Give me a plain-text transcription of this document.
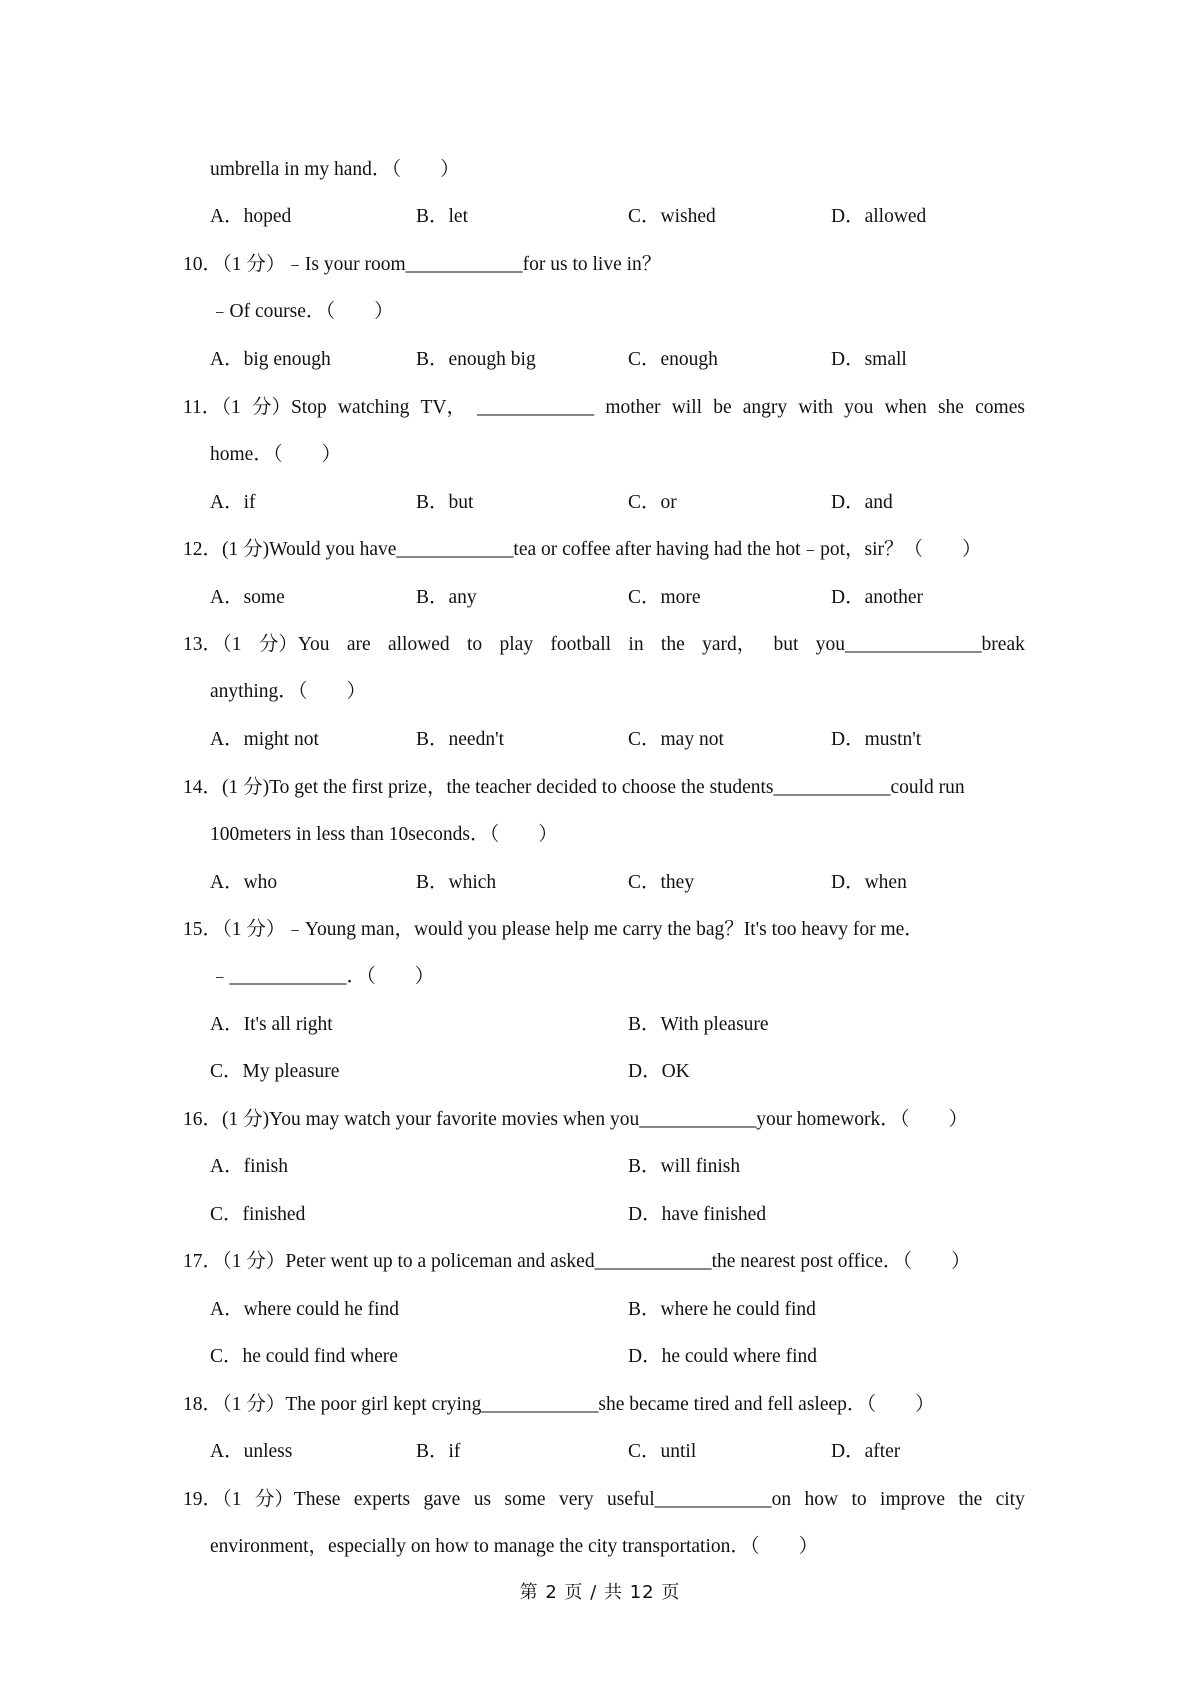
umbrella in my hand．（　　）
A．hoped	B．let	C．wished	D．allowed
10．（1 分）﹣Is your room____________for us to live in？
﹣Of course．（　　）
A．big enough	B．enough big	C．enough	D．small
11．（1 分）Stop watching TV， ____________ mother will be angry with you when she comes
home．（　　）
A．if	B．but	C．or	D．and
12．(1 分)Would you have____________tea or coffee after having had the hot﹣pot，sir？（　　）
A．some	B．any	C．more	D．another
13．（1 分）You are allowed to play football in the yard， but you______________break
anything．（　　）
A．might not	B．needn't	C．may not	D．mustn't
14．(1 分)To get the first prize，the teacher decided to choose the students____________could run
100meters in less than 10seconds．（　　）
A．who	B．which	C．they	D．when
15．（1 分）﹣Young man，would you please help me carry the bag？It's too heavy for me．
﹣____________．（　　）
A．It's all right	B．With pleasure
C．My pleasure	D．OK
16．(1 分)You may watch your favorite movies when you____________your homework．（　　）
A．finish	B．will finish
C．finished	D．have finished
17．（1 分）Peter went up to a policeman and asked____________the nearest post office．（　　）
A．where could he find	B．where he could find
C．he could find where	D．he could where find
18．（1 分）The poor girl kept crying____________she became tired and fell asleep．（　　）
A．unless	B．if	C．until	D．after
19．（1 分）These experts gave us some very useful____________on how to improve the city
environment，especially on how to manage the city transportation．（　　）
第 2 页 / 共 12 页
